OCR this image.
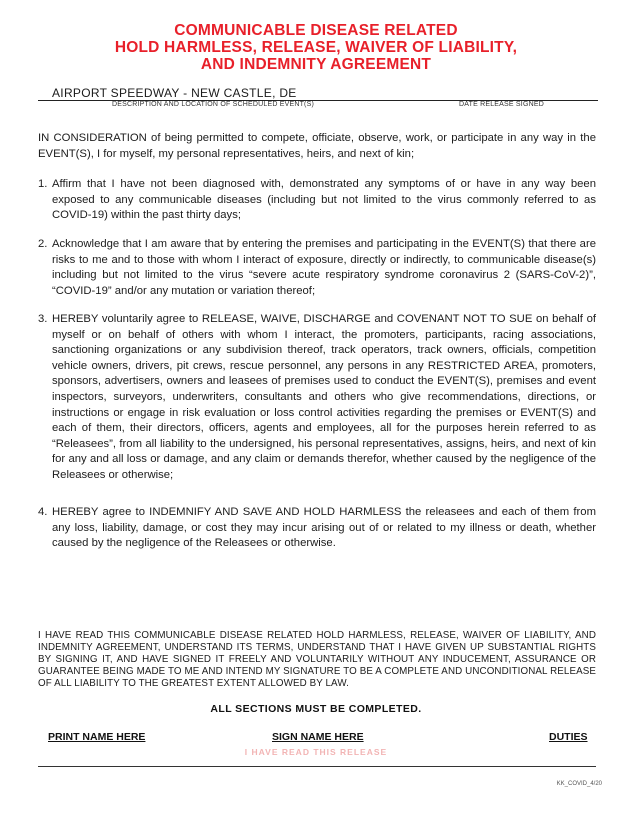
COMMUNICABLE DISEASE RELATED
HOLD HARMLESS, RELEASE, WAIVER OF LIABILITY,
AND INDEMNITY AGREEMENT
AIRPORT SPEEDWAY - NEW CASTLE, DE
DESCRIPTION AND LOCATION OF SCHEDULED EVENT(S)	DATE RELEASE SIGNED
IN CONSIDERATION of being permitted to compete, officiate, observe, work, or participate in any way in the EVENT(S), I for myself, my personal representatives, heirs, and next of kin;
1. Affirm that I have not been diagnosed with, demonstrated any symptoms of or have in any way been exposed to any communicable diseases (including but not limited to the virus commonly referred to as COVID-19) within the past thirty days;
2. Acknowledge that I am aware that by entering the premises and participating in the EVENT(S) that there are risks to me and to those with whom I interact of exposure, directly or indirectly, to communicable disease(s) including but not limited to the virus “severe acute respiratory syndrome coronavirus 2 (SARS-CoV-2)”, “COVID-19” and/or any mutation or variation thereof;
3. HEREBY voluntarily agree to RELEASE, WAIVE, DISCHARGE and COVENANT NOT TO SUE on behalf of myself or on behalf of others with whom I interact, the promoters, participants, racing associations, sanctioning organizations or any subdivision thereof, track operators, track owners, officials, competition vehicle owners, drivers, pit crews, rescue personnel, any persons in any RESTRICTED AREA, promoters, sponsors, advertisers, owners and leasees of premises used to conduct the EVENT(S), premises and event inspectors, surveyors, underwriters, consultants and others who give recommendations, directions, or instructions or engage in risk evaluation or loss control activities regarding the premises or EVENT(S) and each of them, their directors, officers, agents and employees, all for the purposes herein referred to as “Releasees”, from all liability to the undersigned, his personal representatives, assigns, heirs, and next of kin for any and all loss or damage, and any claim or demands therefor, whether caused by the negligence of the Releasees or otherwise;
4. HEREBY agree to INDEMNIFY AND SAVE AND HOLD HARMLESS the releasees and each of them from any loss, liability, damage, or cost they may incur arising out of or related to my illness or death, whether caused by the negligence of the Releasees or otherwise.
I HAVE READ THIS COMMUNICABLE DISEASE RELATED HOLD HARMLESS, RELEASE, WAIVER OF LIABILITY, AND INDEMNITY AGREEMENT, UNDERSTAND ITS TERMS, UNDERSTAND THAT I HAVE GIVEN UP SUBSTANTIAL RIGHTS BY SIGNING IT, AND HAVE SIGNED IT FREELY AND VOLUNTARILY WITHOUT ANY INDUCEMENT, ASSURANCE OR GUARANTEE BEING MADE TO ME AND INTEND MY SIGNATURE TO BE A COMPLETE AND UNCONDITIONAL RELEASE OF ALL LIABILITY TO THE GREATEST EXTENT ALLOWED BY LAW.
ALL SECTIONS MUST BE COMPLETED.
PRINT NAME HERE	SIGN NAME HERE	DUTIES
I HAVE READ THIS RELEASE
KK_COVID_4/20
